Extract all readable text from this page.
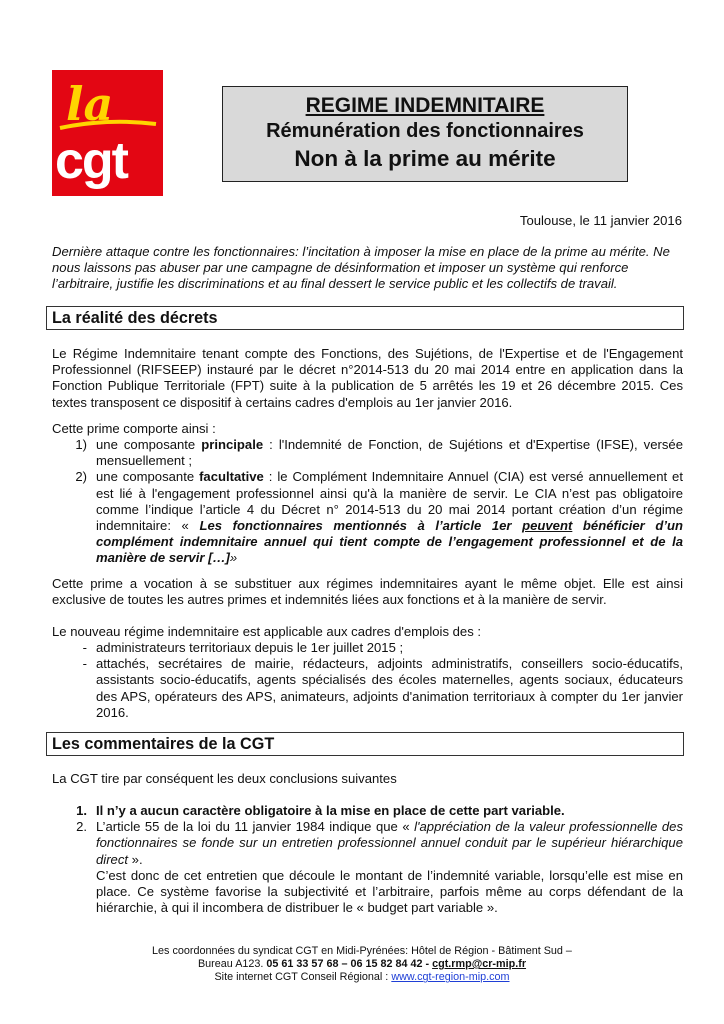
la
cgt
REGIME INDEMNITAIRE
Rémunération des fonctionnaires
Non à la prime au mérite
Toulouse, le 11 janvier 2016
Dernière attaque contre les fonctionnaires: l’incitation à imposer la mise en place de la prime au mérite. Ne nous laissons pas abuser par une campagne de désinformation et imposer un système qui renforce l’arbitraire, justifie les discriminations et au final dessert le service public et les collectifs de travail.
La réalité des décrets
Le Régime Indemnitaire tenant compte des Fonctions, des Sujétions, de l'Expertise et de l'Engagement Professionnel (RIFSEEP) instauré par le décret n°2014-513 du 20 mai 2014 entre en application dans la Fonction Publique Territoriale (FPT) suite à la publication de 5 arrêtés les 19 et 26 décembre 2015. Ces textes transposent ce dispositif à certains cadres d'emplois au 1er janvier 2016.
Cette prime comporte ainsi :
1) une composante principale : l'Indemnité de Fonction, de Sujétions et d'Expertise (IFSE), versée mensuellement ;
2) une composante facultative : le Complément Indemnitaire Annuel (CIA) est versé annuellement et est lié à l'engagement professionnel ainsi qu'à la manière de servir. Le CIA n’est pas obligatoire comme l’indique l’article 4 du Décret n° 2014-513 du 20 mai 2014 portant création d’un régime indemnitaire: « Les fonctionnaires mentionnés à l’article 1er peuvent bénéficier d’un complément indemnitaire annuel qui tient compte de l’engagement professionnel et de la manière de servir […]»
Cette prime a vocation à se substituer aux régimes indemnitaires ayant le même objet. Elle est ainsi exclusive de toutes les autres primes et indemnités liées aux fonctions et à la manière de servir.
Le nouveau régime indemnitaire est applicable aux cadres d'emplois des :
- administrateurs territoriaux depuis le 1er juillet 2015 ;
- attachés, secrétaires de mairie, rédacteurs, adjoints administratifs, conseillers socio-éducatifs, assistants socio-éducatifs, agents spécialisés des écoles maternelles, agents sociaux, éducateurs des APS, opérateurs des APS, animateurs, adjoints d'animation territoriaux à compter du 1er janvier 2016.
Les commentaires de la CGT
La CGT tire par conséquent les deux conclusions suivantes
1. Il n’y a aucun caractère obligatoire à la mise en place de cette part variable.
2. L’article 55 de la loi du 11 janvier 1984 indique que « l'appréciation de la valeur professionnelle des fonctionnaires se fonde sur un entretien professionnel annuel conduit par le supérieur hiérarchique direct ».
C’est donc de cet entretien que découle le montant de l’indemnité variable, lorsqu’elle est mise en place. Ce système favorise la subjectivité et l’arbitraire, parfois même au corps défendant de la hiérarchie, à qui il incombera de distribuer le « budget part variable ».
Les coordonnées du syndicat CGT en Midi-Pyrénées: Hôtel de Région - Bâtiment Sud –
Bureau A123. 05 61 33 57 68 – 06 15 82 84 42 - cgt.rmp@cr-mip.fr
Site internet CGT Conseil Régional : www.cgt-region-mip.com
